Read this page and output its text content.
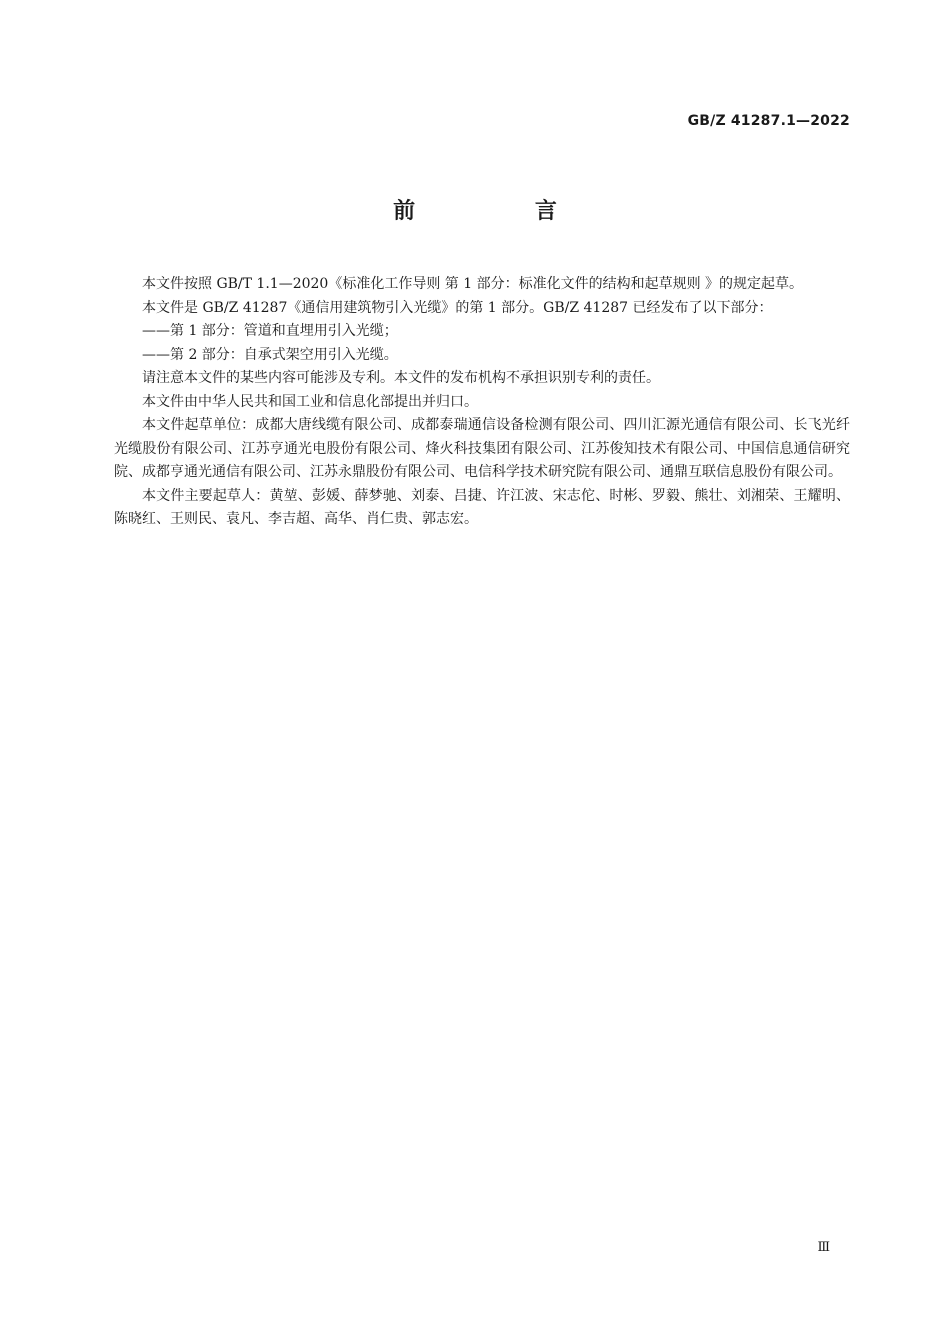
GB/Z 41287.1—2022
前 言

本文件按照 GB/T 1.1—2020《标准化工作导则 第 1 部分：标准化文件的结构和起草规则 》的规定起草。

本文件是 GB/Z 41287《通信用建筑物引入光缆》的第 1 部分。GB/Z 41287 已经发布了以下部分：

——第 1 部分：管道和直埋用引入光缆；

——第 2 部分：自承式架空用引入光缆。

请注意本文件的某些内容可能涉及专利。本文件的发布机构不承担识别专利的责任。

本文件由中华人民共和国工业和信息化部提出并归口。

本文件起草单位：成都大唐线缆有限公司、成都泰瑞通信设备检测有限公司、四川汇源光通信有限公司、长飞光纤光缆股份有限公司、江苏亨通光电股份有限公司、烽火科技集团有限公司、江苏俊知技术有限公司、中国信息通信研究院、成都亨通光通信有限公司、江苏永鼎股份有限公司、电信科学技术研究院有限公司、通鼎互联信息股份有限公司。

本文件主要起草人：黄堃、彭媛、薛梦驰、刘泰、吕捷、许江波、宋志佗、时彬、罗毅、熊壮、刘湘荣、王耀明、陈晓红、王则民、袁凡、李吉超、高华、肖仁贵、郭志宏。

Ⅲ
